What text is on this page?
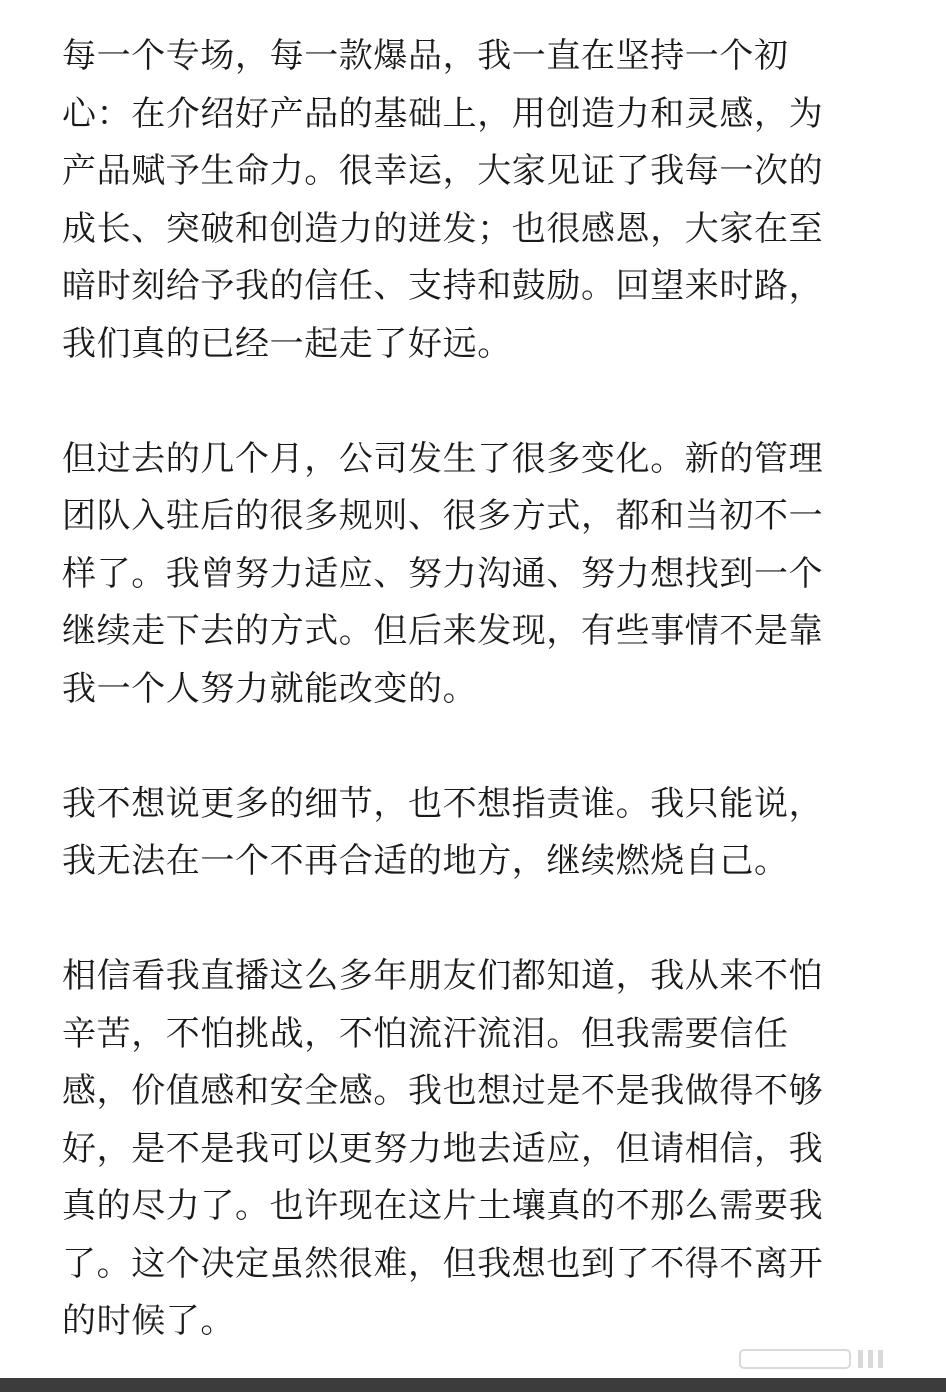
每一个专场，每一款爆品，我一直在坚持一个初
心：在介绍好产品的基础上，用创造力和灵感，为
产品赋予生命力。很幸运，大家见证了我每一次的
成长、突破和创造力的迸发；也很感恩，大家在至
暗时刻给予我的信任、支持和鼓励。回望来时路，
我们真的已经一起走了好远。
但过去的几个月，公司发生了很多变化。新的管理
团队入驻后的很多规则、很多方式，都和当初不一
样了。我曾努力适应、努力沟通、努力想找到一个
继续走下去的方式。但后来发现，有些事情不是靠
我一个人努力就能改变的。
我不想说更多的细节，也不想指责谁。我只能说，
我无法在一个不再合适的地方，继续燃烧自己。
相信看我直播这么多年朋友们都知道，我从来不怕
辛苦，不怕挑战，不怕流汗流泪。但我需要信任
感，价值感和安全感。我也想过是不是我做得不够
好，是不是我可以更努力地去适应，但请相信，我
真的尽力了。也许现在这片土壤真的不那么需要我
了。这个决定虽然很难，但我想也到了不得不离开
的时候了。
